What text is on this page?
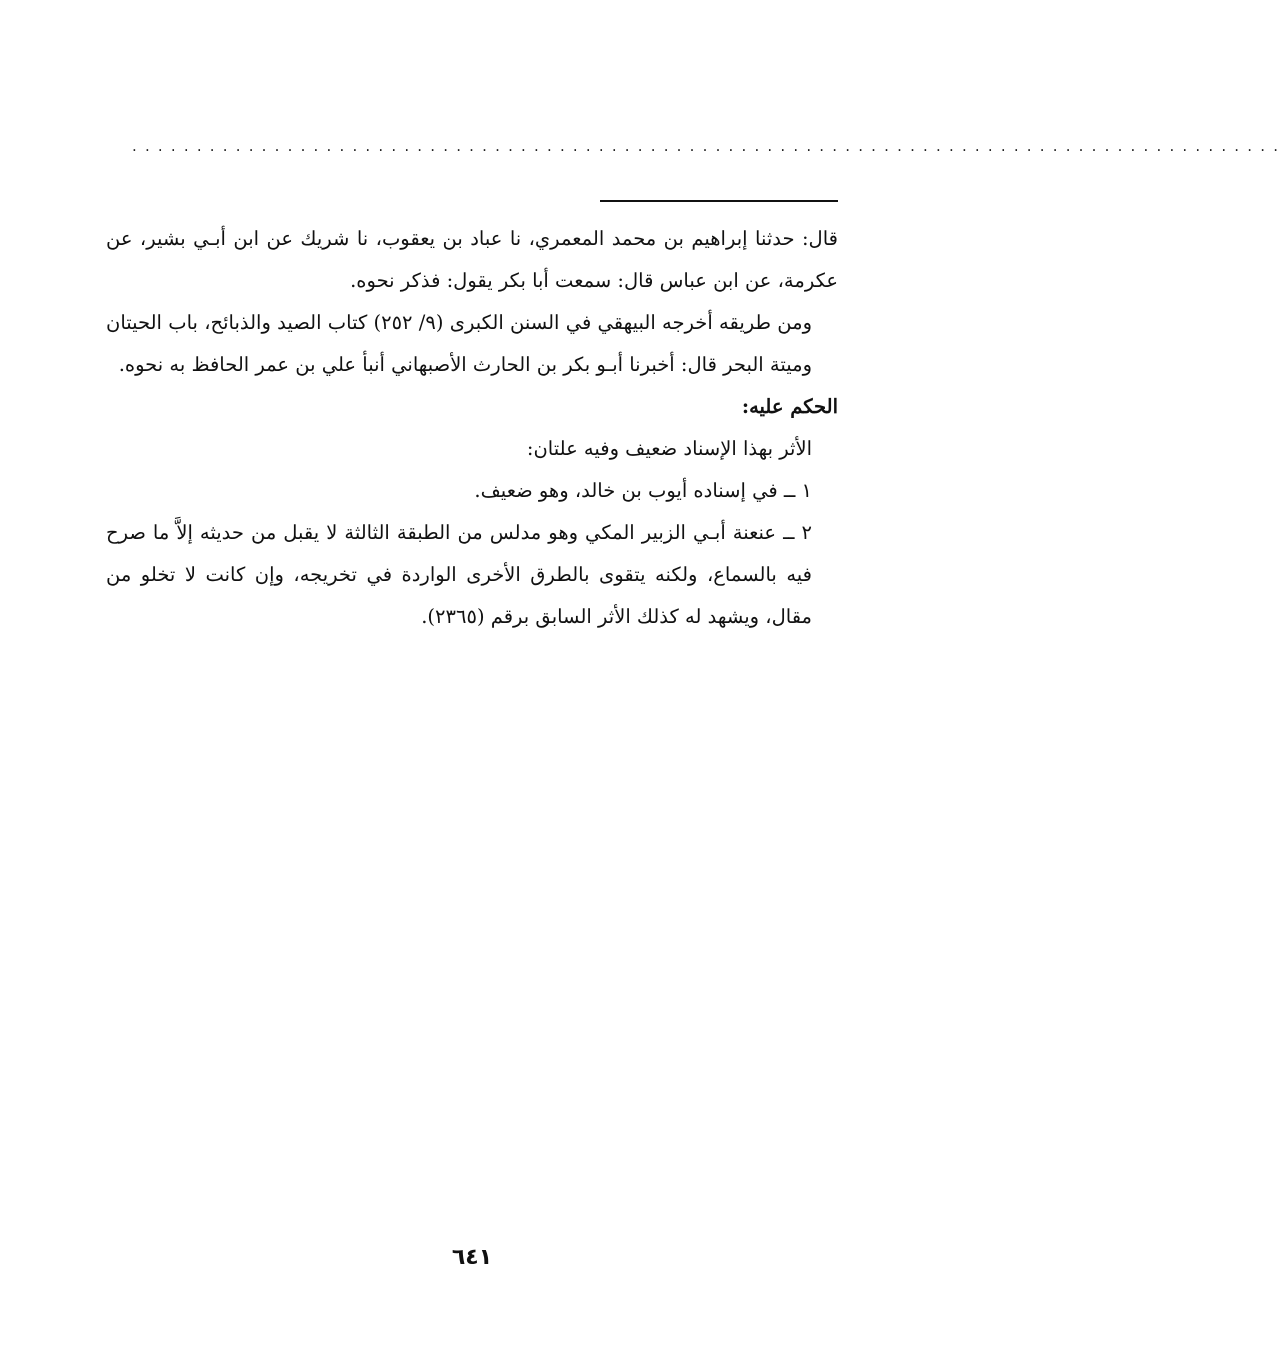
.........................................................................................

قال: حدثنا إبراهيم بن محمد المعمري، نا عباد بن يعقوب، نا شريك عن ابن أبـي بشير، عن عكرمة، عن ابن عباس قال: سمعت أبا بكر يقول: فذكر نحوه.

ومن طريقه أخرجه البيهقي في السنن الكبرى (٩/ ٢٥٢) كتاب الصيد والذبائح، باب الحيتان وميتة البحر قال: أخبرنا أبـو بكر بن الحارث الأصبهاني أنبأ علي بن عمر الحافظ به نحوه.

الحكم عليه:

الأثر بهذا الإسناد ضعيف وفيه علتان:

١ ــ في إسناده أيوب بن خالد، وهو ضعيف.

٢ ــ عنعنة أبـي الزبير المكي وهو مدلس من الطبقة الثالثة لا يقبل من حديثه إلاَّ ما صرح فيه بالسماع، ولكنه يتقوى بالطرق الأخرى الواردة في تخريجه، وإن كانت لا تخلو من مقال، ويشهد له كذلك الأثر السابق برقم (٢٣٦٥).

٦٤١
